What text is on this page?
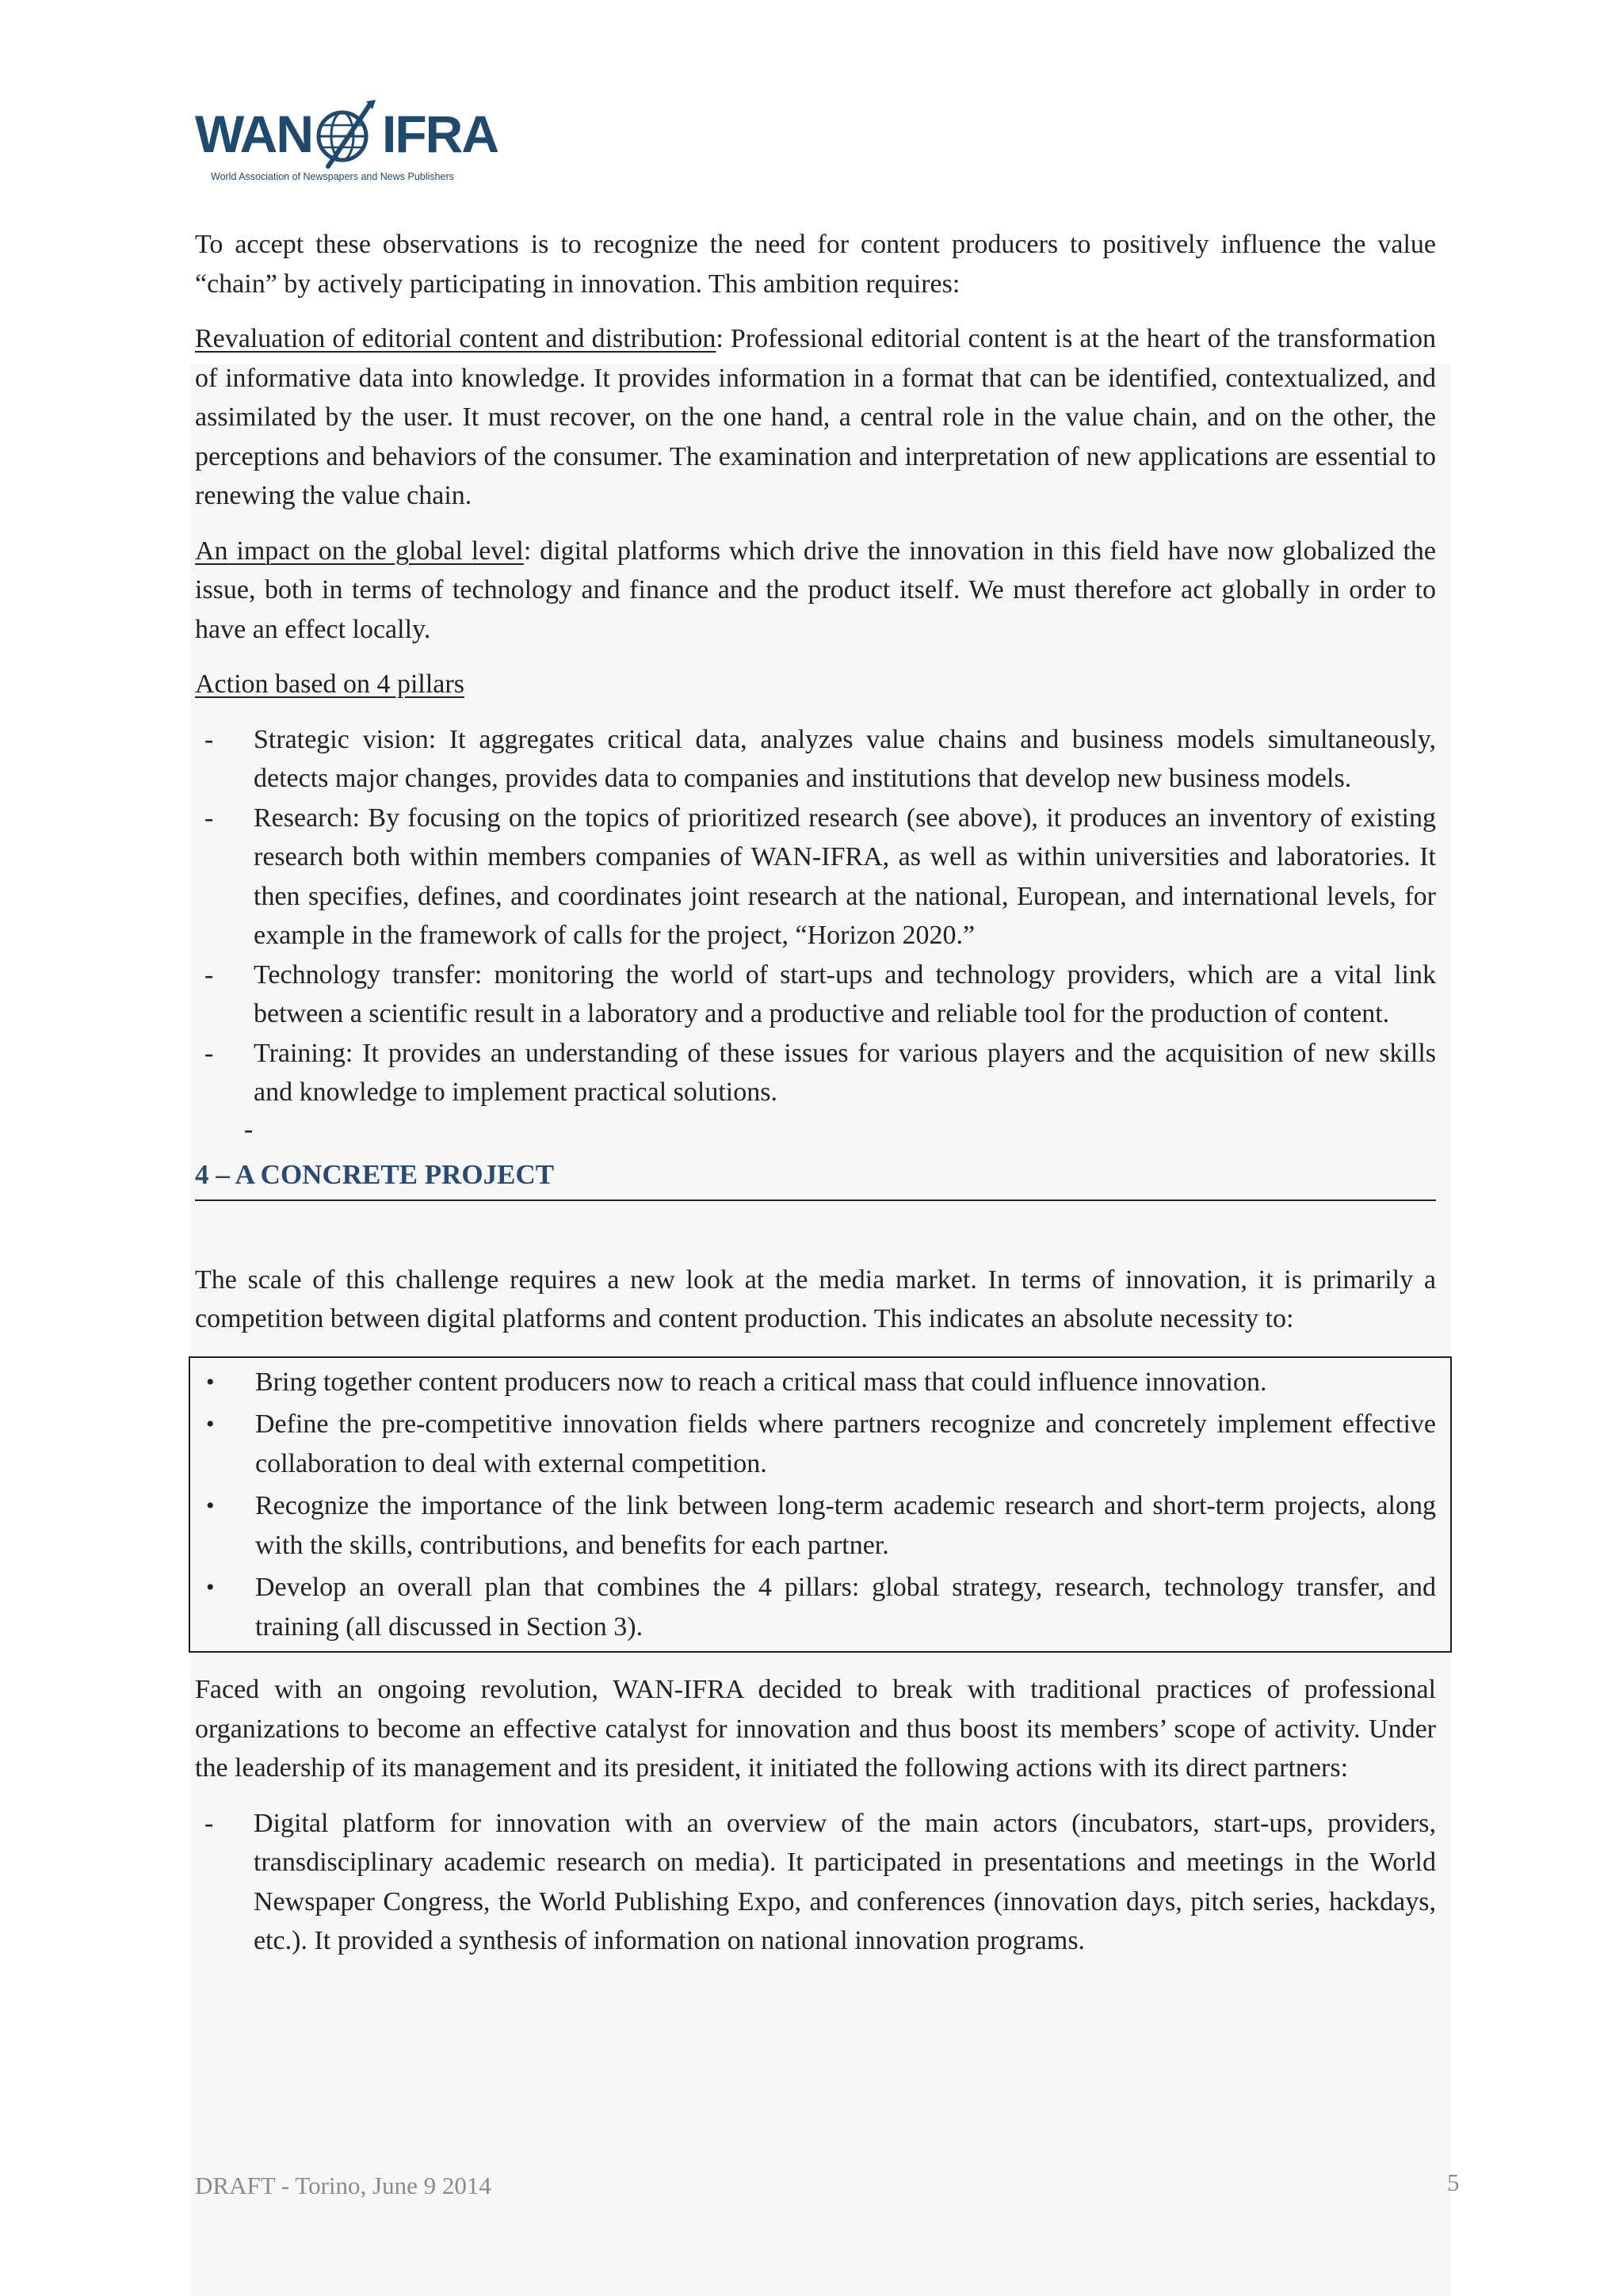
WAN IFRA
World Association of Newspapers and News Publishers

To accept these observations is to recognize the need for content producers to positively influence the value “chain” by actively participating in innovation. This ambition requires:

Revaluation of editorial content and distribution: Professional editorial content is at the heart of the transformation of informative data into knowledge. It provides information in a format that can be identified, contextualized, and assimilated by the user. It must recover, on the one hand, a central role in the value chain, and on the other, the perceptions and behaviors of the consumer. The examination and interpretation of new applications are essential to renewing the value chain.

An impact on the global level: digital platforms which drive the innovation in this field have now globalized the issue, both in terms of technology and finance and the product itself. We must therefore act globally in order to have an effect locally.

Action based on 4 pillars

- Strategic vision: It aggregates critical data, analyzes value chains and business models simultaneously, detects major changes, provides data to companies and institutions that develop new business models.
- Research: By focusing on the topics of prioritized research (see above), it produces an inventory of existing research both within members companies of WAN-IFRA, as well as within universities and laboratories. It then specifies, defines, and coordinates joint research at the national, European, and international levels, for example in the framework of calls for the project, “Horizon 2020.”
- Technology transfer: monitoring the world of start-ups and technology providers, which are a vital link between a scientific result in a laboratory and a productive and reliable tool for the production of content.
- Training: It provides an understanding of these issues for various players and the acquisition of new skills and knowledge to implement practical solutions.
-
4 – A CONCRETE PROJECT

The scale of this challenge requires a new look at the media market. In terms of innovation, it is primarily a competition between digital platforms and content production. This indicates an absolute necessity to:

• Bring together content producers now to reach a critical mass that could influence innovation.
• Define the pre-competitive innovation fields where partners recognize and concretely implement effective collaboration to deal with external competition.
• Recognize the importance of the link between long-term academic research and short-term projects, along with the skills, contributions, and benefits for each partner.
• Develop an overall plan that combines the 4 pillars: global strategy, research, technology transfer, and training (all discussed in Section 3).

Faced with an ongoing revolution, WAN-IFRA decided to break with traditional practices of professional organizations to become an effective catalyst for innovation and thus boost its members’ scope of activity. Under the leadership of its management and its president, it initiated the following actions with its direct partners:

- Digital platform for innovation with an overview of the main actors (incubators, start-ups, providers, transdisciplinary academic research on media). It participated in presentations and meetings in the World Newspaper Congress, the World Publishing Expo, and conferences (innovation days, pitch series, hackdays, etc.). It provided a synthesis of information on national innovation programs.
DRAFT - Torino, June 9 2014	5
